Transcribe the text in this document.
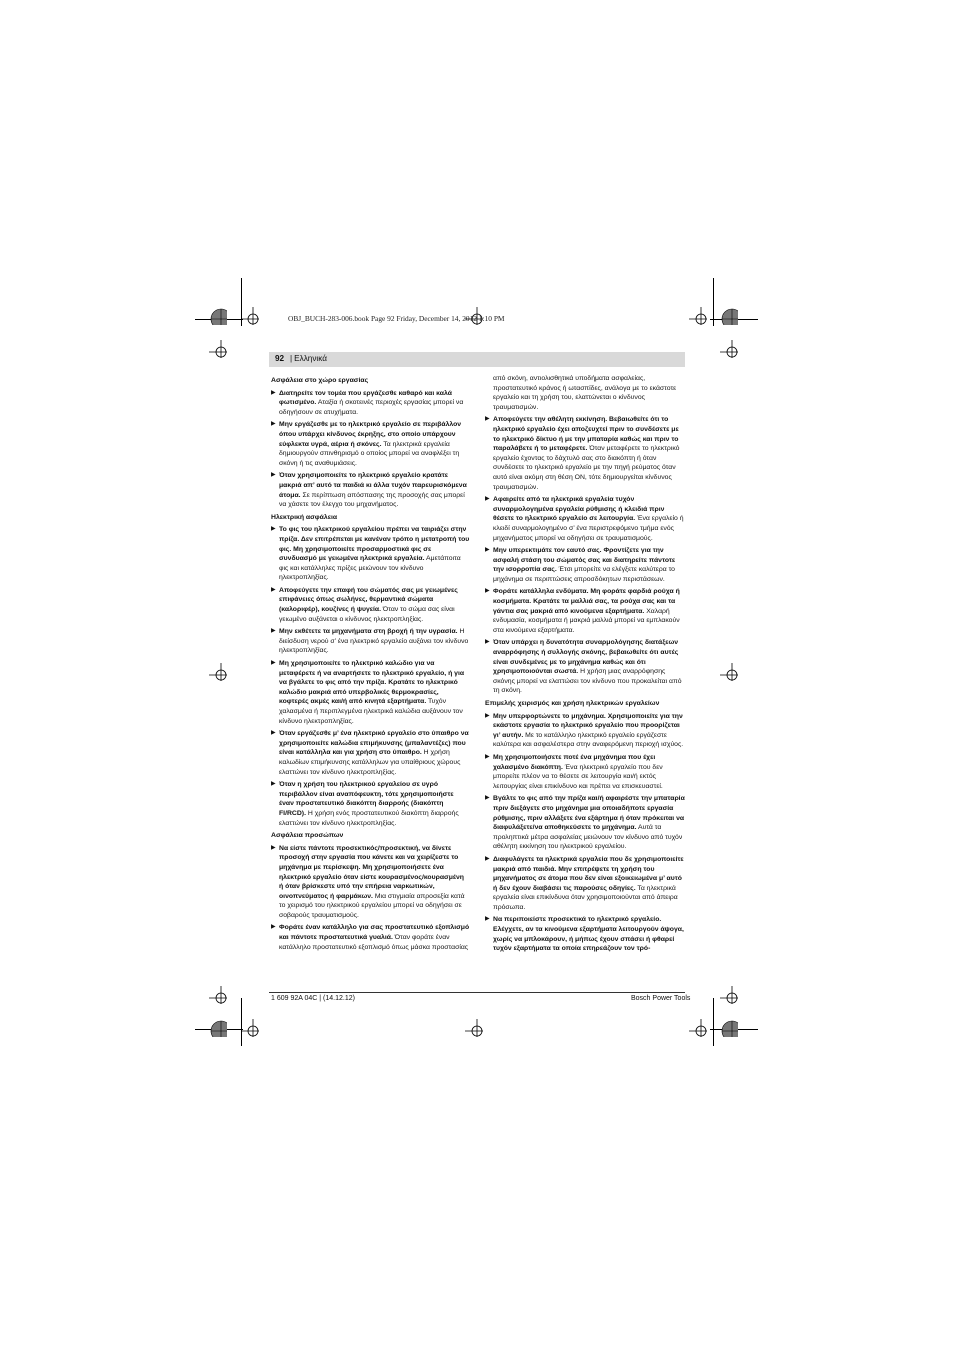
OBJ_BUCH-283-006.book Page 92 Friday, December 14, 2012 1:10 PM
92
|	Ελληνικά
Ασφάλεια στο χώρο εργασίας
▶ Διατηρείτε τον τομέα που εργάζεσθε καθαρό και καλά φωτισμένο. Αταξία ή σκοτεινές περιοχές εργασίας μπορεί να οδηγήσουν σε ατυχήματα.
▶ Μην εργάζεσθε με το ηλεκτρικό εργαλείο σε περιβάλλον όπου υπάρχει κίνδυνος έκρηξης, στο οποίο υπάρχουν εύφλεκτα υγρά, αέρια ή σκόνες. Τα ηλεκτρικά εργαλεία δημιουργούν σπινθηρισμό ο οποίος μπορεί να αναφλέξει τη σκόνη ή τις αναθυμιάσεις.
▶ Όταν χρησιμοποιείτε το ηλεκτρικό εργαλείο κρατάτε μακριά απ’ αυτό τα παιδιά κι άλλα τυχόν παρευρισκόμενα άτομα. Σε περίπτωση απόσπασης της προσοχής σας μπορεί να χάσετε τον έλεγχο του μηχανήματος.
Ηλεκτρική ασφάλεια
▶ Το φις του ηλεκτρικού εργαλείου πρέπει να ταιριάζει στην πρίζα. Δεν επιτρέπεται με κανέναν τρόπο η μετατροπή του φις. Μη χρησιμοποιείτε προσαρμοστικά φις σε συνδυασμό με γειωμένα ηλεκτρικά εργαλεία. Αμετάποιτα φις και κατάλληλες πρίζες μειώνουν τον κίνδυνο ηλεκτροπληξίας.
▶ Αποφεύγετε την επαφή του σώματός σας με γειωμένες επιφάνειες όπως σωλήνες, θερμαντικά σώματα (καλοριφέρ), κουζίνες ή ψυγεία. Όταν το σώμα σας είναι γειωμένο αυξάνεται ο κίνδυνος ηλεκτροπληξίας.
▶ Μην εκθέτετε τα μηχανήματα στη βροχή ή την υγρασία. Η διείσδυση νερού σ’ ένα ηλεκτρικό εργαλείο αυξάνει τον κίνδυνο ηλεκτροπληξίας.
▶ Μη χρησιμοποιείτε το ηλεκτρικό καλώδιο για να μεταφέρετε ή να αναρτήσετε το ηλεκτρικό εργαλείο, ή για να βγάλετε το φις από την πρίζα. Κρατάτε το ηλεκτρικό καλώδιο μακριά από υπερβολικές θερμοκρασίες, κοφτερές ακμές και/ή από κινητά εξαρτήματα. Τυχόν χαλασμένα ή περιπλεγμένα ηλεκτρικά καλώδια αυξάνουν τον κίνδυνο ηλεκτροπληξίας.
▶ Όταν εργάζεσθε μ’ ένα ηλεκτρικό εργαλείο στο ύπαιθρο να χρησιμοποιείτε καλώδια επιμήκυνσης (μπαλαντέζες) που είναι κατάλληλα και για χρήση στο ύπαιθρο. Η χρήση καλωδίων επιμήκυνσης κατάλληλων για υπαίθριους χώρους ελαττώνει τον κίνδυνο ηλεκτροπληξίας.
▶ Όταν η χρήση του ηλεκτρικού εργαλείου σε υγρό περιβάλλον είναι αναπόφευκτη, τότε χρησιμοποιήστε έναν προστατευτικό διακόπτη διαρροής (διακόπτη FI/RCD). Η χρήση ενός προστατευτικού διακόπτη διαρροής ελαττώνει τον κίνδυνο ηλεκτροπληξίας.
Ασφάλεια προσώπων
▶ Να είστε πάντοτε προσεκτικός/προσεκτική, να δίνετε προσοχή στην εργασία που κάνετε και να χειρίζεστε το μηχάνημα με περίσκεψη. Μη χρησιμοποιήσετε ένα ηλεκτρικό εργαλείο όταν είστε κουρασμένος/κουρασμένη ή όταν βρίσκεστε υπό την επήρεια ναρκωτικών, οινοπνεύματος ή φαρμάκων. Μια στιγμιαία απροσεξία κατά το χειρισμό του ηλεκτρικού εργαλείου μπορεί να οδηγήσει σε σοβαρούς τραυματισμούς.
▶ Φοράτε έναν κατάλληλο για σας προστατευτικό εξοπλισμό και πάντοτε προστατευτικά γυαλιά. Όταν φοράτε έναν κατάλληλο προστατευτικό εξοπλισμό όπως μάσκα προστασίας
από σκόνη, αντιολισθητικά υποδήματα ασφαλείας, προστατευτικό κράνος ή ωτασπίδες, ανάλογα με το εκάστοτε εργαλείο και τη χρήση του, ελαττώνεται ο κίνδυνος τραυματισμών.
▶ Αποφεύγετε την αθέλητη εκκίνηση. Βεβαιωθείτε ότι το ηλεκτρικό εργαλείο έχει αποζευχτεί πριν το συνδέσετε με το ηλεκτρικό δίκτυο ή με την μπαταρία καθώς και πριν το παραλάβετε ή το μεταφέρετε. Όταν μεταφέρετε το ηλεκτρικό εργαλείο έχοντας το δάχτυλό σας στο διακόπτη ή όταν συνδέσετε το ηλεκτρικό εργαλείο με την πηγή ρεύματος όταν αυτό είναι ακόμη στη θέση ΟΝ, τότε δημιουργείται κίνδυνος τραυματισμών.
▶ Αφαιρείτε από τα ηλεκτρικά εργαλεία τυχόν συναρμολογημένα εργαλεία ρύθμισης ή κλειδιά πριν θέσετε το ηλεκτρικό εργαλείο σε λειτουργία. Ένα εργαλείο ή κλειδί συναρμολογημένο σ’ ένα περιστρεφόμενο τμήμα ενός μηχανήματος μπορεί να οδηγήσει σε τραυματισμούς.
▶ Μην υπερεκτιμάτε τον εαυτό σας. Φροντίζετε για την ασφαλή στάση του σώματός σας και διατηρείτε πάντοτε την ισορροπία σας. Έτσι μπορείτε να ελέγξετε καλύτερα το μηχάνημα σε περιπτώσεις απροσδόκητων περιστάσεων.
▶ Φοράτε κατάλληλα ενδύματα. Μη φοράτε φαρδιά ρούχα ή κοσμήματα. Κρατάτε τα μαλλιά σας, τα ρούχα σας και τα γάντια σας μακριά από κινούμενα εξαρτήματα. Χαλαρή ενδυμασία, κοσμήματα ή μακριά μαλλιά μπορεί να εμπλακούν στα κινούμενα εξαρτήματα.
▶ Όταν υπάρχει η δυνατότητα συναρμολόγησης διατάξεων αναρρόφησης ή συλλογής σκόνης, βεβαιωθείτε ότι αυτές είναι συνδεμένες με το μηχάνημα καθώς και ότι χρησιμοποιούνται σωστά. Η χρήση μιας αναρρόφησης σκόνης μπορεί να ελαττώσει τον κίνδυνο που προκαλείται από τη σκόνη.
Επιμελής χειρισμός και χρήση ηλεκτρικών εργαλείων
▶ Μην υπερφορτώνετε το μηχάνημα. Χρησιμοποιείτε για την εκάστοτε εργασία το ηλεκτρικό εργαλείο που προορίζεται γι’ αυτήν. Με το κατάλληλο ηλεκτρικό εργαλείο εργάζεστε καλύτερα και ασφαλέστερα στην αναφερόμενη περιοχή ισχύος.
▶ Μη χρησιμοποιήσετε ποτέ ένα μηχάνημα που έχει χαλασμένο διακόπτη. Ένα ηλεκτρικό εργαλείο που δεν μπορείτε πλέον να το θέσετε σε λειτουργία και/ή εκτός λειτουργίας είναι επικίνδυνο και πρέπει να επισκευαστεί.
▶ Βγάλτε το φις από την πρίζα και/ή αφαιρέστε την μπαταρία πριν διεξάγετε στο μηχάνημα μια οποιαδήποτε εργασία ρύθμισης, πριν αλλάξετε ένα εξάρτημα ή όταν πρόκειται να διαφυλάξετε/να αποθηκεύσετε το μηχάνημα. Αυτά τα προληπτικά μέτρα ασφαλείας μειώνουν τον κίνδυνο από τυχόν αθέλητη εκκίνηση του ηλεκτρικού εργαλείου.
▶ Διαφυλάγετε τα ηλεκτρικά εργαλεία που δε χρησιμοποιείτε μακριά από παιδιά. Μην επιτρέψετε τη χρήση του μηχανήματος σε άτομα που δεν είναι εξοικειωμένα μ’ αυτό ή δεν έχουν διαβάσει τις παρούσες οδηγίες. Τα ηλεκτρικά εργαλεία είναι επικίνδυνα όταν χρησιμοποιούνται από άπειρα πρόσωπα.
▶ Να περιποιείστε προσεκτικά το ηλεκτρικό εργαλείο. Ελέγχετε, αν τα κινούμενα εξαρτήματα λειτουργούν άψογα, χωρίς να μπλοκάρουν, ή μήπως έχουν σπάσει ή φθαρεί τυχόν εξαρτήματα τα οποία επηρεάζουν τον τρό-
1 609 92A 04C | (14.12.12)	Bosch Power Tools
